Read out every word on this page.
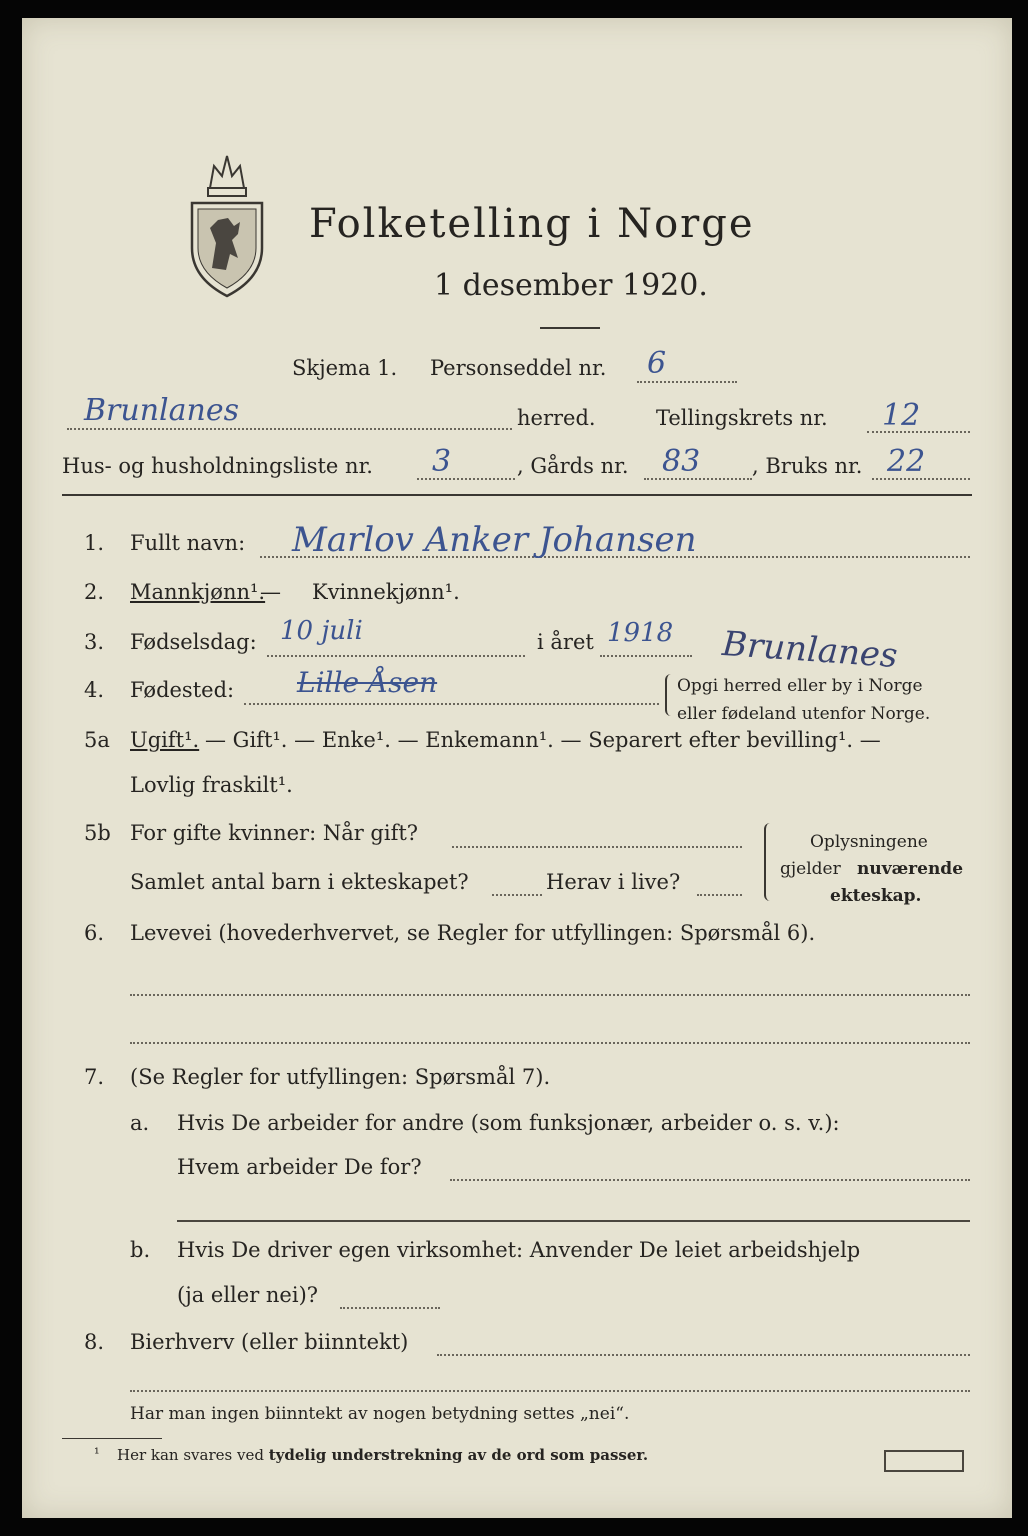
Folketelling i Norge
1 desember 1920.
Skjema 1. Personseddel nr. 6
Brunlanes	herred.	Tellingskrets nr. 12
Hus- og husholdningsliste nr. 3	, Gårds nr. 83 , Bruks nr. 22
1. Fullt navn: Marlov Anker Johansen
2. Mannkjønn¹.
— Kvinnekjønn¹.
3. Fødselsdag: 10 juli	i året 1918 Brunlanes
4. Fødested: Lille Åsen	Opgi herred eller by i Norge
eller fødeland utenfor Norge.
5a Ugift¹. — Gift¹. — Enke¹. — Enkemann¹. — Separert efter bevilling¹. —
Lovlig fraskilt¹.
5b For gifte kvinner: Når gift?
Samlet antal barn i ekteskapet?	Herav i live?
Oplysningene
gjelder nuværende
ekteskap.
6. Levevei (hovederhvervet, se Regler for utfyllingen: Spørsmål 6).
7. (Se Regler for utfyllingen: Spørsmål 7).
a. Hvis De arbeider for andre (som funksjonær, arbeider o. s. v.):
Hvem arbeider De for?
b. Hvis De driver egen virksomhet: Anvender De leiet arbeidshjelp
(ja eller nei)?
8. Bierhverv (eller biinntekt)
Har man ingen biinntekt av nogen betydning settes „nei“.
¹ Her kan svares ved tydelig understrekning av de ord som passer.
